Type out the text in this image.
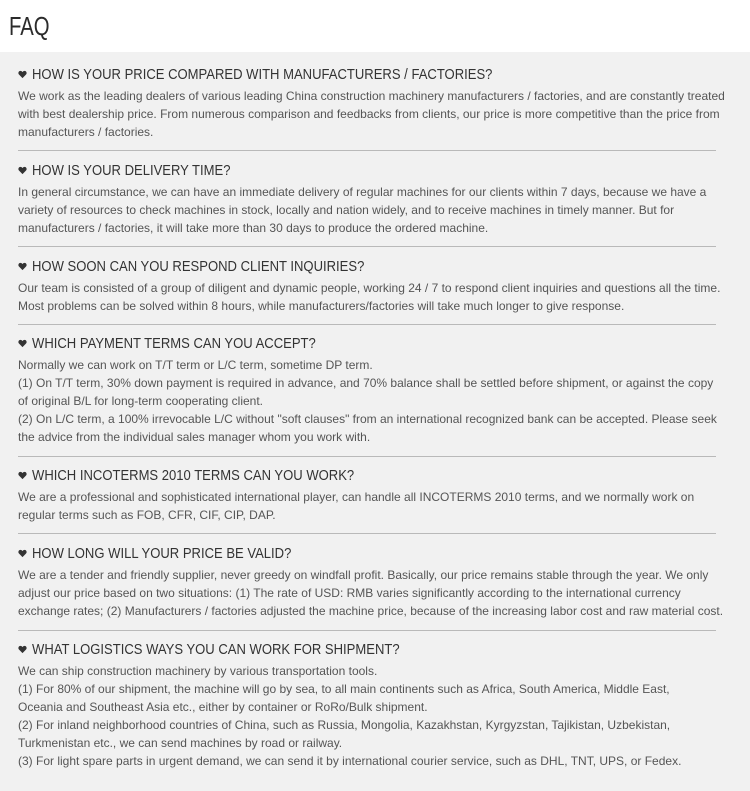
FAQ
HOW IS YOUR PRICE COMPARED WITH MANUFACTURERS / FACTORIES?

We work as the leading dealers of various leading China construction machinery manufacturers / factories, and are constantly treated

with best dealership price. From numerous comparison and feedbacks from clients, our price is more competitive than the price from

manufacturers / factories.

HOW IS YOUR DELIVERY TIME?

In general circumstance, we can have an immediate delivery of regular machines for our clients within 7 days, because we have a

variety of resources to check machines in stock, locally and nation widely, and to receive machines in timely manner. But for

manufacturers / factories, it will take more than 30 days to produce the ordered machine.

HOW SOON CAN YOU RESPOND CLIENT INQUIRIES?

Our team is consisted of a group of diligent and dynamic people, working 24 / 7 to respond client inquiries and questions all the time.

Most problems can be solved within 8 hours, while manufacturers/factories will take much longer to give response.

WHICH PAYMENT TERMS CAN YOU ACCEPT?

Normally we can work on T/T term or L/C term, sometime DP term.

(1) On T/T term, 30% down payment is required in advance, and 70% balance shall be settled before shipment, or against the copy

of original B/L for long-term cooperating client.

(2) On L/C term, a 100% irrevocable L/C without "soft clauses" from an international recognized bank can be accepted. Please seek

the advice from the individual sales manager whom you work with.

WHICH INCOTERMS 2010 TERMS CAN YOU WORK?

We are a professional and sophisticated international player, can handle all INCOTERMS 2010 terms, and we normally work on

regular terms such as FOB, CFR, CIF, CIP, DAP.

HOW LONG WILL YOUR PRICE BE VALID?

We are a tender and friendly supplier, never greedy on windfall profit. Basically, our price remains stable through the year. We only

adjust our price based on two situations: (1) The rate of USD: RMB varies significantly according to the international currency

exchange rates; (2) Manufacturers / factories adjusted the machine price, because of the increasing labor cost and raw material cost.

WHAT LOGISTICS WAYS YOU CAN WORK FOR SHIPMENT?

We can ship construction machinery by various transportation tools.

(1) For 80% of our shipment, the machine will go by sea, to all main continents such as Africa, South America, Middle East,

Oceania and Southeast Asia etc., either by container or RoRo/Bulk shipment.

(2) For inland neighborhood countries of China, such as Russia, Mongolia, Kazakhstan, Kyrgyzstan, Tajikistan, Uzbekistan,

Turkmenistan etc., we can send machines by road or railway.

(3) For light spare parts in urgent demand, we can send it by international courier service, such as DHL, TNT, UPS, or Fedex.
